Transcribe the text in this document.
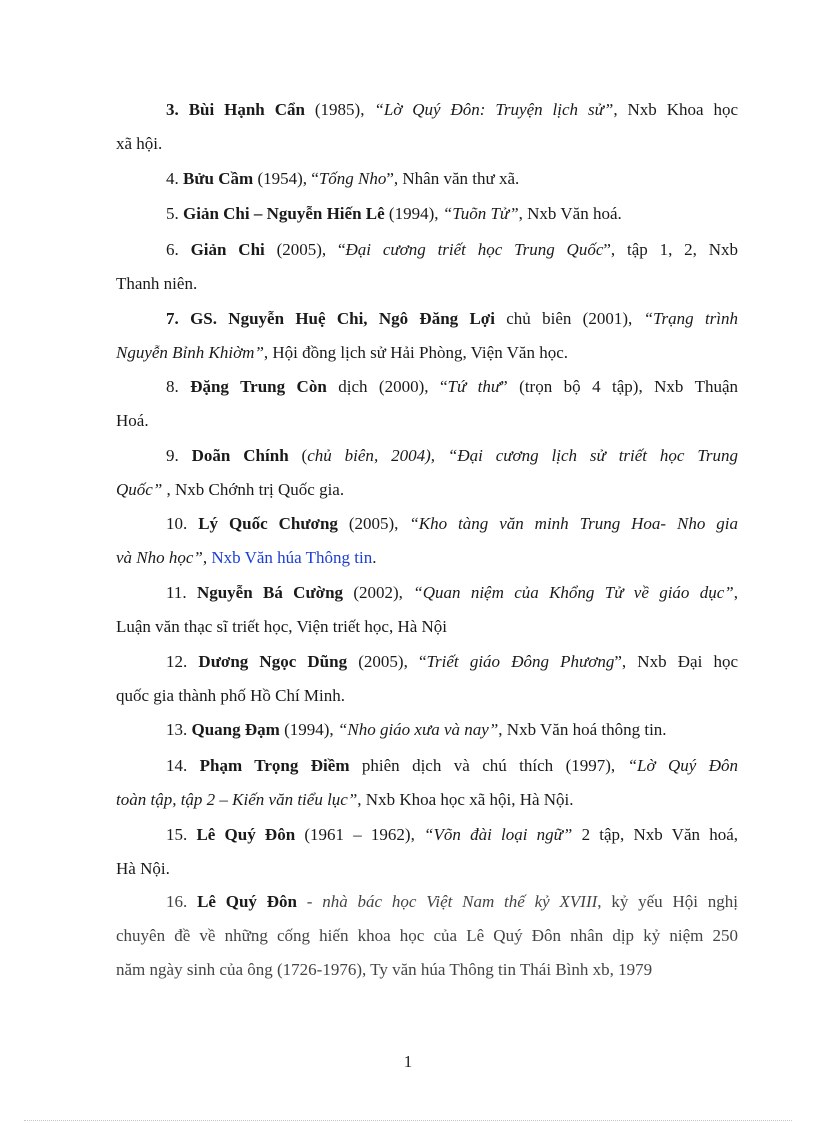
3. Bùi Hạnh Cẩn (1985), “Lờ Quý Đôn: Truyện lịch sử”, Nxb Khoa học
xã hội.
4. Bửu Cầm (1954), “Tống Nho”, Nhân văn thư xã.
5. Giản Chi – Nguyễn Hiến Lê (1994), “Tuõn Tử”, Nxb Văn hoá.
6. Giản Chi (2005), “Đại cương triết học Trung Quốc”, tập 1, 2, Nxb
Thanh niên.
7. GS. Nguyễn Huệ Chi, Ngô Đăng Lợi chủ biên (2001), “Trạng trình
Nguyễn Bỉnh Khiờm”, Hội đồng lịch sử Hải Phòng, Viện Văn học.
8. Đặng Trung Còn dịch (2000), “Tứ thư” (trọn bộ 4 tập), Nxb Thuận
Hoá.
9. Doãn Chính (chủ biên, 2004), “Đại cương lịch sử triết học Trung
Quốc” , Nxb Chớnh trị Quốc gia.
10. Lý Quốc Chương (2005), “Kho tàng văn minh Trung Hoa- Nho gia
và Nho học”, Nxb Văn húa Thông tin.
11. Nguyễn Bá Cường (2002), “Quan niệm của Khổng Tử về giáo dục”,
Luận văn thạc sĩ triết học, Viện triết học, Hà Nội
12. Dương Ngọc Dũng (2005), “Triết giáo Đông Phương”, Nxb Đại học
quốc gia thành phố Hồ Chí Minh.
13. Quang Đạm (1994), “Nho giáo xưa và nay”, Nxb Văn hoá thông tin.
14. Phạm Trọng Điềm phiên dịch và chú thích (1997), “Lờ Quý Đôn
toàn tập, tập 2 – Kiến văn tiểu lục”, Nxb Khoa học xã hội, Hà Nội.
15. Lê Quý Đôn (1961 – 1962), “Võn đài loại ngữ” 2 tập, Nxb Văn hoá,
Hà Nội.
16. Lê Quý Đôn - nhà bác học Việt Nam thế kỷ XVIII, kỷ yếu Hội nghị
chuyên đề về những cống hiến khoa học của Lê Quý Đôn nhân dịp kỷ niệm 250
năm ngày sinh của ông (1726-1976), Ty văn húa Thông tin Thái Bình xb, 1979
1
